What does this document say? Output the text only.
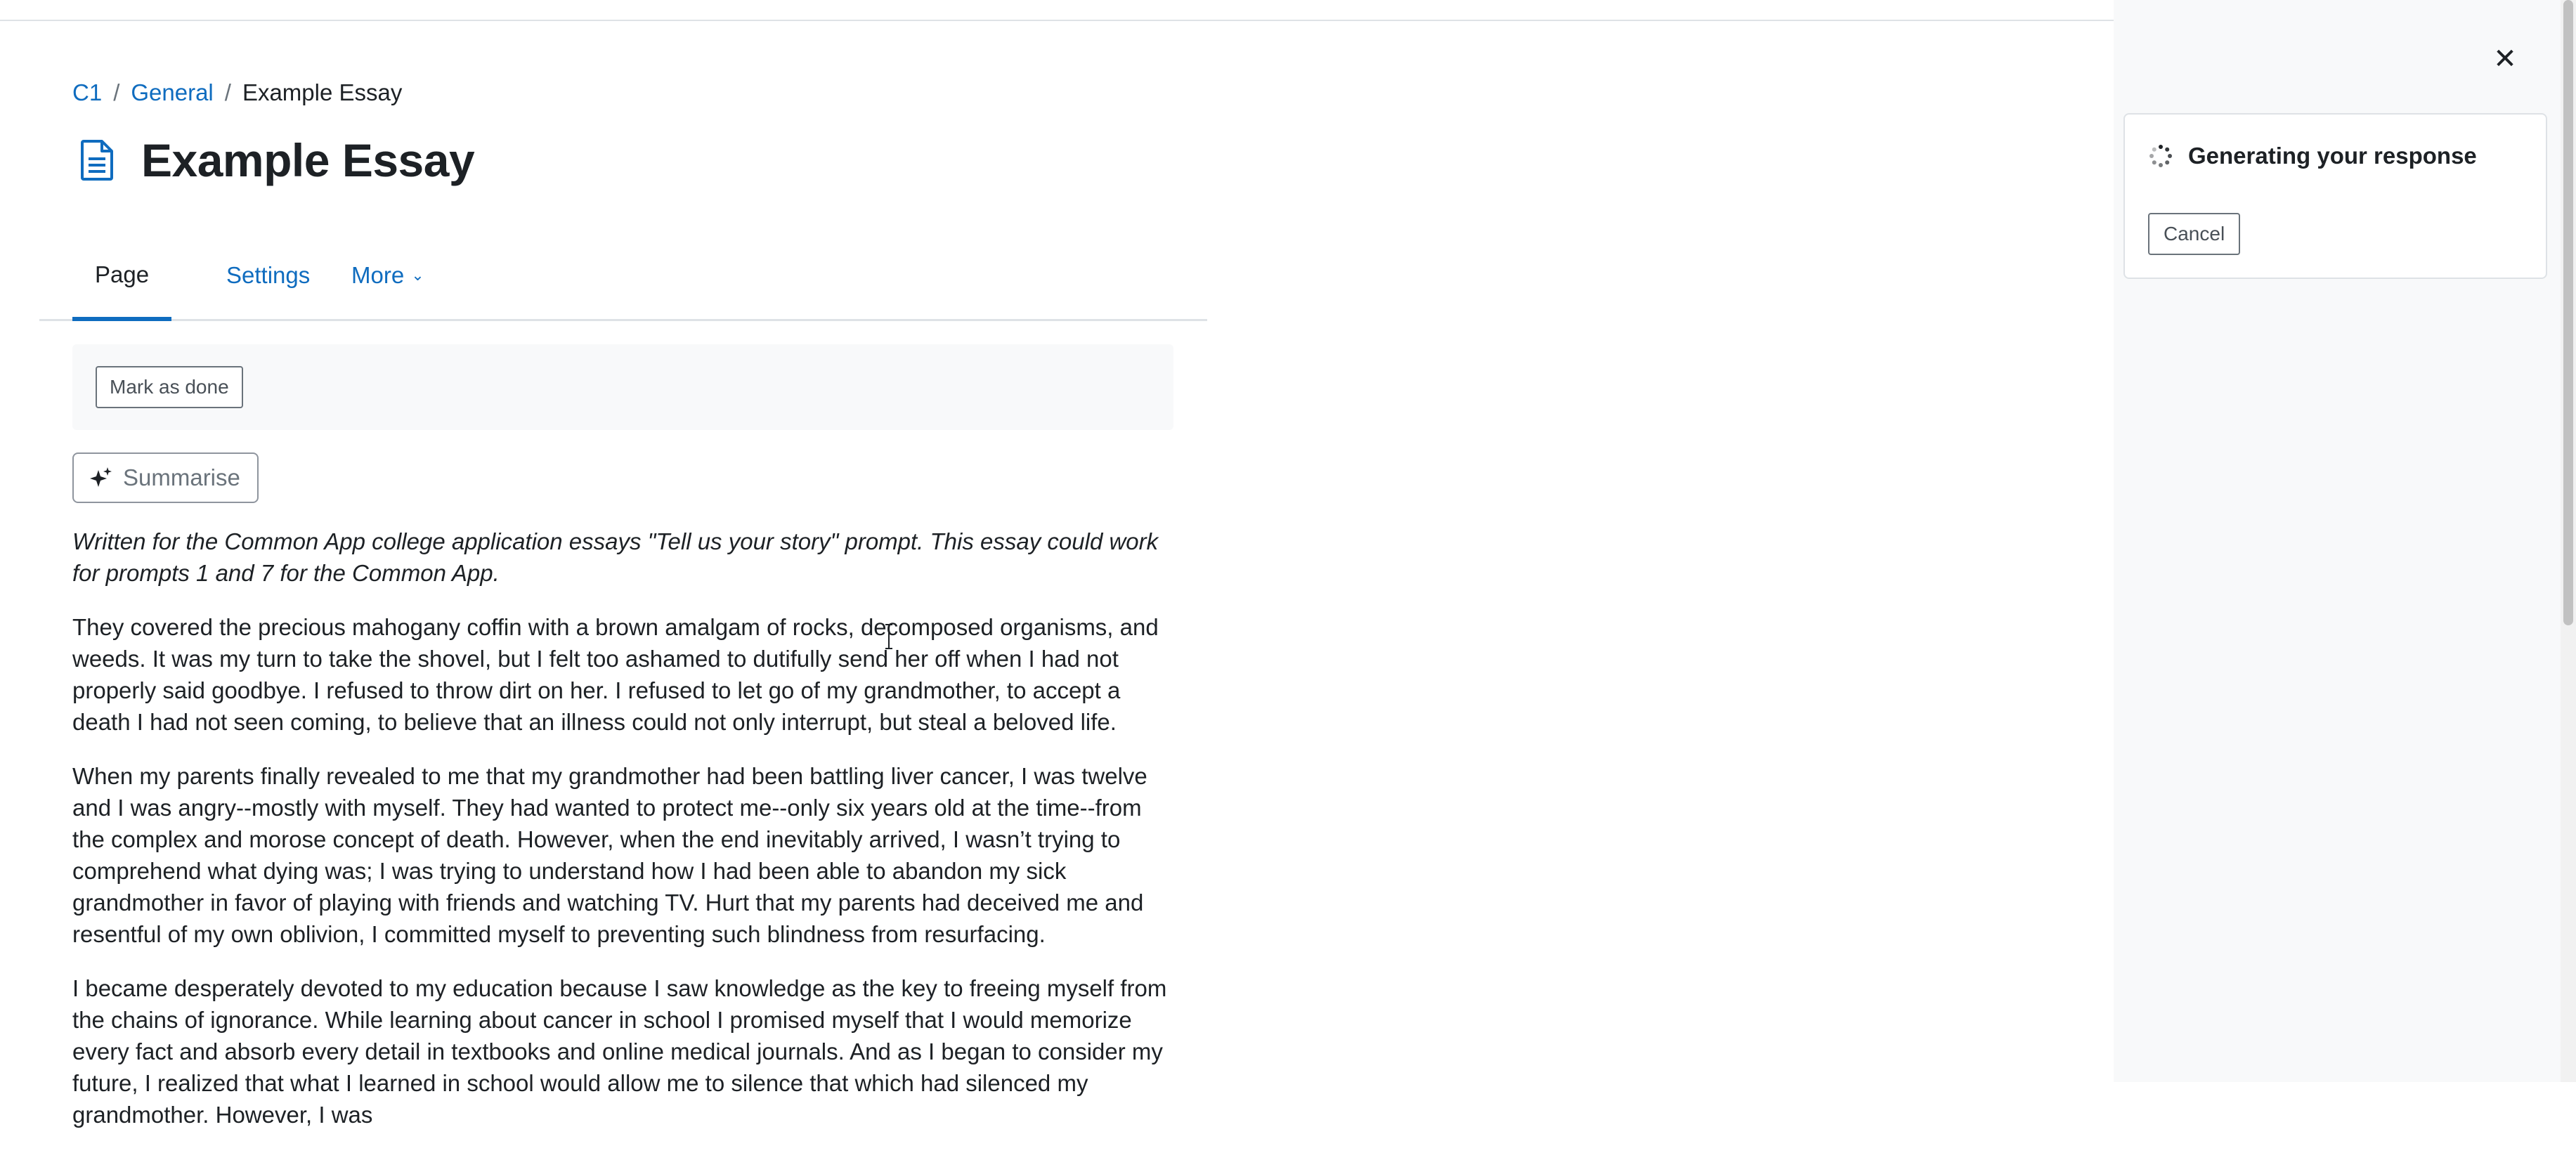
C1 / General / Example Essay
Example Essay
Page	Settings	More ⌄
Mark as done
Summarise

Written for the Common App college application essays "Tell us your story" prompt. This essay could work for prompts 1 and 7 for the Common App.

They covered the precious mahogany coffin with a brown amalgam of rocks, decomposed organisms, and weeds. It was my turn to take the shovel, but I felt too ashamed to dutifully send her off when I had not properly said goodbye. I refused to throw dirt on her. I refused to let go of my grandmother, to accept a death I had not seen coming, to believe that an illness could not only interrupt, but steal a beloved life.

When my parents finally revealed to me that my grandmother had been battling liver cancer, I was twelve and I was angry--mostly with myself. They had wanted to protect me--only six years old at the time--from the complex and morose concept of death. However, when the end inevitably arrived, I wasn’t trying to comprehend what dying was; I was trying to understand how I had been able to abandon my sick grandmother in favor of playing with friends and watching TV. Hurt that my parents had deceived me and resentful of my own oblivion, I committed myself to preventing such blindness from resurfacing.

I became desperately devoted to my education because I saw knowledge as the key to freeing myself from the chains of ignorance. While learning about cancer in school I promised myself that I would memorize every fact and absorb every detail in textbooks and online medical journals. And as I began to consider my future, I realized that what I learned in school would allow me to silence that which had silenced my grandmother. However, I was

✕
Generating your response
Cancel
